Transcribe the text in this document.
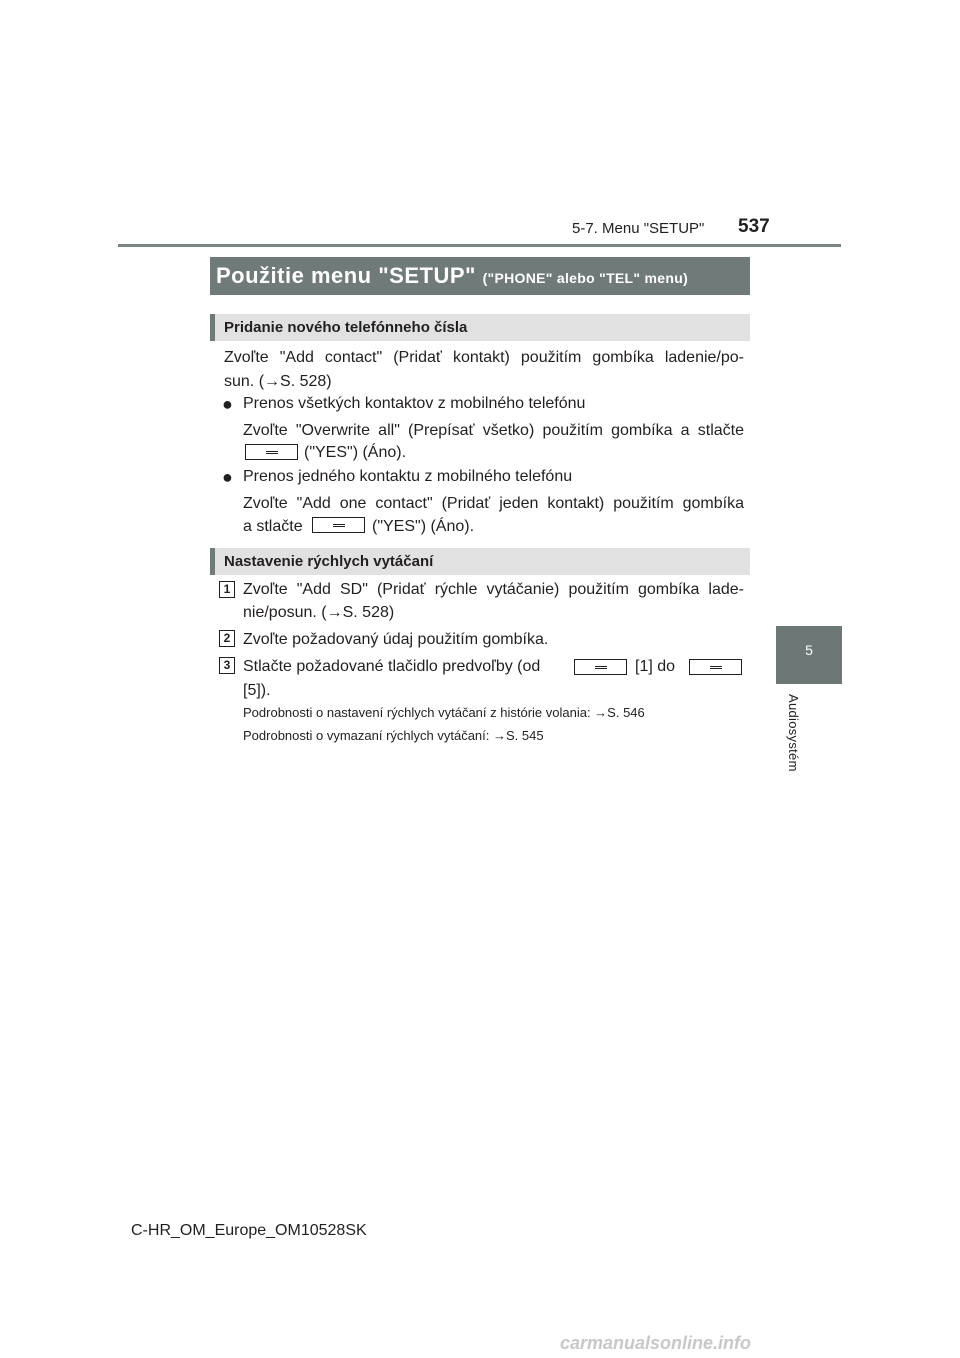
5-7. Menu "SETUP" 537
5
Audiosystém
Použitie menu "SETUP" ("PHONE" alebo "TEL" menu)
Pridanie nového telefónneho čísla
Zvoľte "Add contact" (Pridať kontakt) použitím gombíka ladenie/po-
sun. (→S. 528)
● Prenos všetkých kontaktov z mobilného telefónu
Zvoľte "Overwrite all" (Prepísať všetko) použitím gombíka a stlačte
("YES") (Áno).
● Prenos jedného kontaktu z mobilného telefónu
Zvoľte "Add one contact" (Pridať jeden kontakt) použitím gombíka
a stlačte	("YES") (Áno).
Nastavenie rýchlych vytáčaní
1 Zvoľte "Add SD" (Pridať rýchle vytáčanie) použitím gombíka lade-
nie/posun. (→S. 528)
2 Zvoľte požadovaný údaj použitím gombíka.
3 Stlačte požadované tlačidlo predvoľby (od	[1] do
[5]).
Podrobnosti o nastavení rýchlych vytáčaní z histórie volania: →S. 546
Podrobnosti o vymazaní rýchlych vytáčaní: →S. 545
C-HR_OM_Europe_OM10528SK
carmanualsonline.info
